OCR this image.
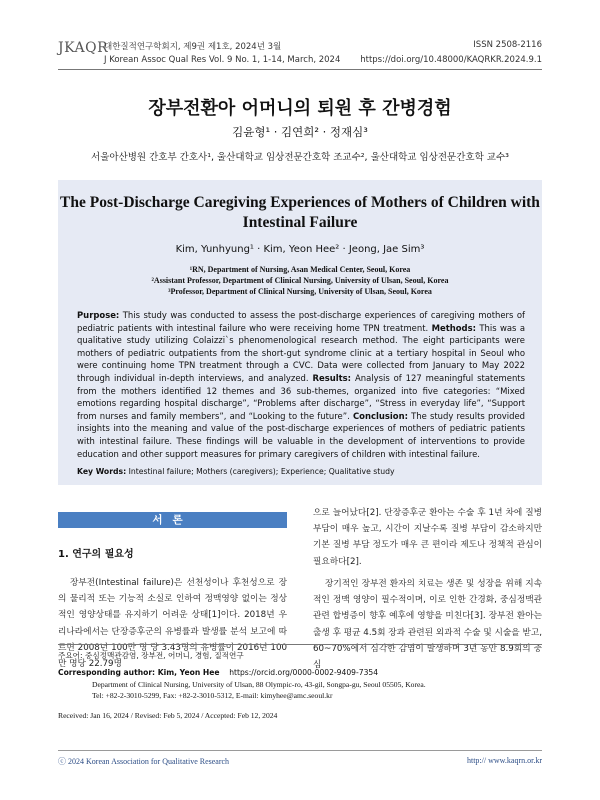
JKAQR
대한질적연구학회지, 제9권 제1호, 2024년 3월
J Korean Assoc Qual Res Vol. 9 No. 1, 1-14, March, 2024
ISSN 2508-2116
https://doi.org/10.48000/KAQRKR.2024.9.1
장부전환아 어머니의 퇴원 후 간병경험
김윤형¹ · 김연희² · 정재심³
서울아산병원 간호부 간호사¹, 울산대학교 임상전문간호학 조교수², 울산대학교 임상전문간호학 교수³
The Post-Discharge Caregiving Experiences of Mothers of Children with Intestinal Failure
Kim, Yunhyung¹ · Kim, Yeon Hee² · Jeong, Jae Sim³
¹RN, Department of Nursing, Asan Medical Center, Seoul, Korea
²Assistant Professor, Department of Clinical Nursing, University of Ulsan, Seoul, Korea
³Professor, Department of Clinical Nursing, University of Ulsan, Seoul, Korea
Purpose: This study was conducted to assess the post-discharge experiences of caregiving mothers of pediatric patients with intestinal failure who were receiving home TPN treatment. Methods: This was a qualitative study utilizing Colaizzi`s phenomenological research method. The eight participants were mothers of pediatric outpatients from the short-gut syndrome clinic at a tertiary hospital in Seoul who were continuing home TPN treatment through a CVC. Data were collected from January to May 2022 through individual in-depth interviews, and analyzed. Results: Analysis of 127 meaningful statements from the mothers identified 12 themes and 36 sub-themes, organized into five categories: “Mixed emotions regarding hospital discharge”, “Problems after discharge”, “Stress in everyday life”, “Support from nurses and family members”, and “Looking to the future”. Conclusion: The study results provided insights into the meaning and value of the post-discharge experiences of mothers of pediatric patients with intestinal failure. These findings will be valuable in the development of interventions to provide education and other support measures for primary caregivers of children with intestinal failure.
Key Words: Intestinal failure; Mothers (caregivers); Experience; Qualitative study
서론
1. 연구의 필요성
장부전(Intestinal failure)은 선천성이나 후천성으로 장의 물리적 또는 기능적 소실로 인하여 정맥영양 없이는 정상적인 영양상태를 유지하기 어려운 상태[1]이다. 2018년 우리나라에서는 단장증후군의 유병률과 발생률 분석 보고에 따르면 2008년 100만 명 당 3.43명의 유병률이 2016년 100만 명당 22.79명
으로 늘어났다[2]. 단장증후군 환아는 수술 후 1년 차에 질병 부담이 매우 높고, 시간이 지날수록 질병 부담이 감소하지만 기본 질병 부담 정도가 매우 큰 편이라 제도나 정책적 관심이 필요하다[2].
장기적인 장부전 환자의 치료는 생존 및 성장을 위해 지속적인 정맥 영양이 필수적이며, 이로 인한 간경화, 중심정맥관 관련 합병증이 향후 예후에 영향을 미친다[3]. 장부전 환아는 출생 후 평균 4.5회 장과 관련된 외과적 수술 및 시술을 받고, 60~70%에서 심각한 감염이 발생하며 3년 동안 8.9회의 중심
주요어: 중심정맥관감염, 장부전, 어머니, 경험, 질적연구
Corresponding author: Kim, Yeon Hee https://orcid.org/0000-0002-9409-7354
Department of Clinical Nursing, University of Ulsan, 88 Olympic-ro, 43-gil, Songpa-gu, Seoul 05505, Korea.
Tel: +82-2-3010-5299, Fax: +82-2-3010-5312, E-mail: kimyhee@amc.seoul.kr
Received: Jan 16, 2024 / Revised: Feb 5, 2024 / Accepted: Feb 12, 2024
ⓒ 2024 Korean Association for Qualitative Research	http:// www.kaqrn.or.kr
